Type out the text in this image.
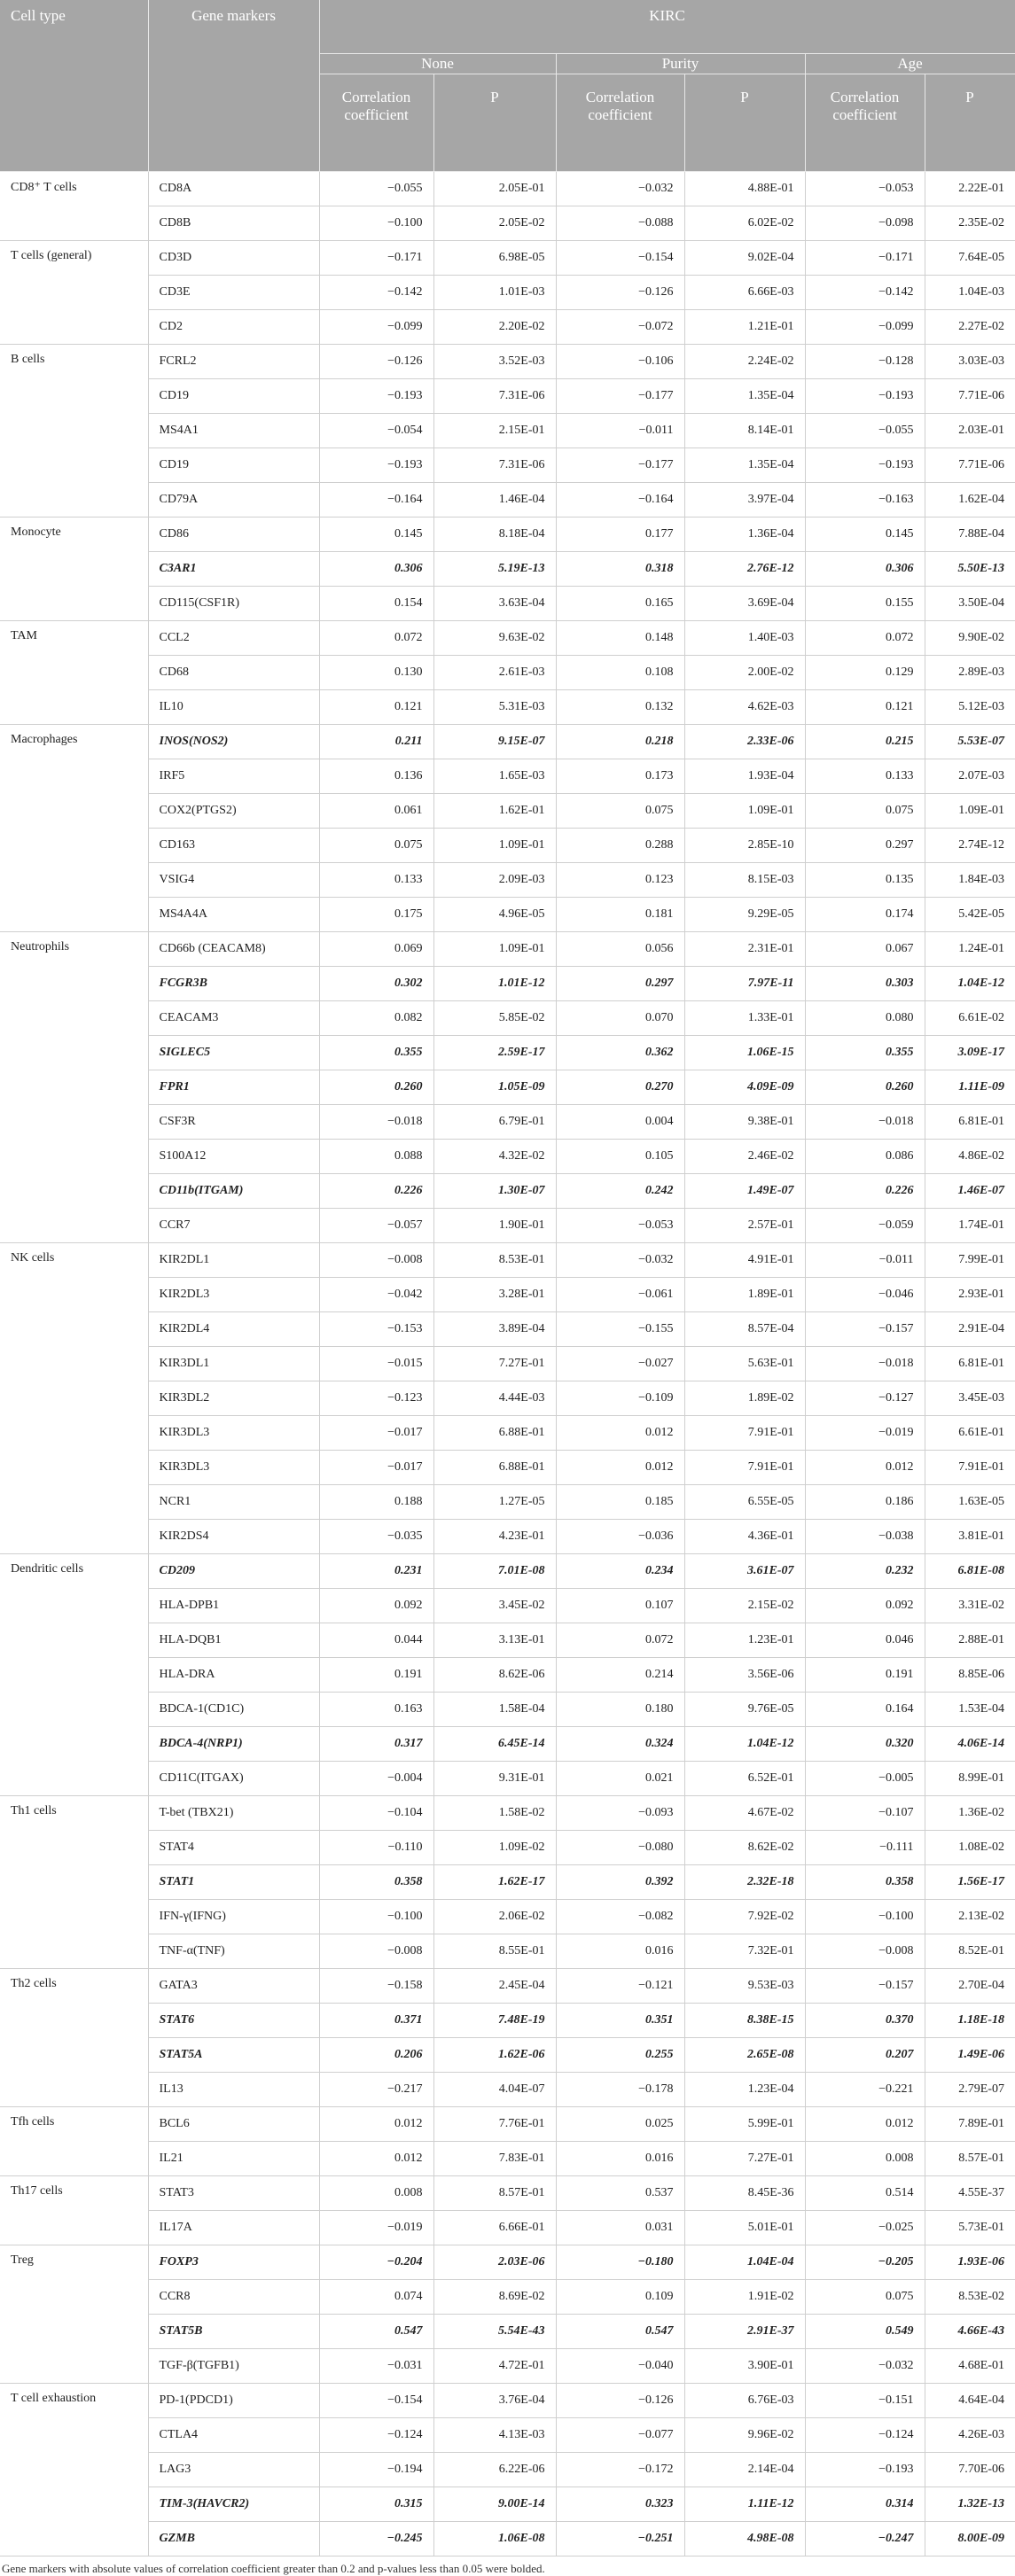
Cell type	Gene markers	KIRC					
		None		Purity		Age	
		Correlation coefficient	P	Correlation coefficient	P	Correlation coefficient	P
CD8⁺ T cells	CD8A	−0.055	2.05E-01	−0.032	4.88E-01	−0.053	2.22E-01
	CD8B	−0.100	2.05E-02	−0.088	6.02E-02	−0.098	2.35E-02
T cells (general)	CD3D	−0.171	6.98E-05	−0.154	9.02E-04	−0.171	7.64E-05
	CD3E	−0.142	1.01E-03	−0.126	6.66E-03	−0.142	1.04E-03
	CD2	−0.099	2.20E-02	−0.072	1.21E-01	−0.099	2.27E-02
B cells	FCRL2	−0.126	3.52E-03	−0.106	2.24E-02	−0.128	3.03E-03
	CD19	−0.193	7.31E-06	−0.177	1.35E-04	−0.193	7.71E-06
	MS4A1	−0.054	2.15E-01	−0.011	8.14E-01	−0.055	2.03E-01
	CD19	−0.193	7.31E-06	−0.177	1.35E-04	−0.193	7.71E-06
	CD79A	−0.164	1.46E-04	−0.164	3.97E-04	−0.163	1.62E-04
Monocyte	CD86	0.145	8.18E-04	0.177	1.36E-04	0.145	7.88E-04
	C3AR1	0.306	5.19E-13	0.318	2.76E-12	0.306	5.50E-13
	CD115(CSF1R)	0.154	3.63E-04	0.165	3.69E-04	0.155	3.50E-04
TAM	CCL2	0.072	9.63E-02	0.148	1.40E-03	0.072	9.90E-02
	CD68	0.130	2.61E-03	0.108	2.00E-02	0.129	2.89E-03
	IL10	0.121	5.31E-03	0.132	4.62E-03	0.121	5.12E-03
Macrophages	INOS(NOS2)	0.211	9.15E-07	0.218	2.33E-06	0.215	5.53E-07
	IRF5	0.136	1.65E-03	0.173	1.93E-04	0.133	2.07E-03
	COX2(PTGS2)	0.061	1.62E-01	0.075	1.09E-01	0.075	1.09E-01
	CD163	0.075	1.09E-01	0.288	2.85E-10	0.297	2.74E-12
	VSIG4	0.133	2.09E-03	0.123	8.15E-03	0.135	1.84E-03
	MS4A4A	0.175	4.96E-05	0.181	9.29E-05	0.174	5.42E-05
Neutrophils	CD66b (CEACAM8)	0.069	1.09E-01	0.056	2.31E-01	0.067	1.24E-01
	FCGR3B	0.302	1.01E-12	0.297	7.97E-11	0.303	1.04E-12
	CEACAM3	0.082	5.85E-02	0.070	1.33E-01	0.080	6.61E-02
	SIGLEC5	0.355	2.59E-17	0.362	1.06E-15	0.355	3.09E-17
	FPR1	0.260	1.05E-09	0.270	4.09E-09	0.260	1.11E-09
	CSF3R	−0.018	6.79E-01	0.004	9.38E-01	−0.018	6.81E-01
	S100A12	0.088	4.32E-02	0.105	2.46E-02	0.086	4.86E-02
	CD11b(ITGAM)	0.226	1.30E-07	0.242	1.49E-07	0.226	1.46E-07
	CCR7	−0.057	1.90E-01	−0.053	2.57E-01	−0.059	1.74E-01
NK cells	KIR2DL1	−0.008	8.53E-01	−0.032	4.91E-01	−0.011	7.99E-01
	KIR2DL3	−0.042	3.28E-01	−0.061	1.89E-01	−0.046	2.93E-01
	KIR2DL4	−0.153	3.89E-04	−0.155	8.57E-04	−0.157	2.91E-04
	KIR3DL1	−0.015	7.27E-01	−0.027	5.63E-01	−0.018	6.81E-01
	KIR3DL2	−0.123	4.44E-03	−0.109	1.89E-02	−0.127	3.45E-03
	KIR3DL3	−0.017	6.88E-01	0.012	7.91E-01	−0.019	6.61E-01
	KIR3DL3	−0.017	6.88E-01	0.012	7.91E-01	0.012	7.91E-01
	NCR1	0.188	1.27E-05	0.185	6.55E-05	0.186	1.63E-05
	KIR2DS4	−0.035	4.23E-01	−0.036	4.36E-01	−0.038	3.81E-01
Dendritic cells	CD209	0.231	7.01E-08	0.234	3.61E-07	0.232	6.81E-08
	HLA-DPB1	0.092	3.45E-02	0.107	2.15E-02	0.092	3.31E-02
	HLA-DQB1	0.044	3.13E-01	0.072	1.23E-01	0.046	2.88E-01
	HLA-DRA	0.191	8.62E-06	0.214	3.56E-06	0.191	8.85E-06
	BDCA-1(CD1C)	0.163	1.58E-04	0.180	9.76E-05	0.164	1.53E-04
	BDCA-4(NRP1)	0.317	6.45E-14	0.324	1.04E-12	0.320	4.06E-14
	CD11C(ITGAX)	−0.004	9.31E-01	0.021	6.52E-01	−0.005	8.99E-01
Th1 cells	T-bet (TBX21)	−0.104	1.58E-02	−0.093	4.67E-02	−0.107	1.36E-02
	STAT4	−0.110	1.09E-02	−0.080	8.62E-02	−0.111	1.08E-02
	STAT1	0.358	1.62E-17	0.392	2.32E-18	0.358	1.56E-17
	IFN-γ(IFNG)	−0.100	2.06E-02	−0.082	7.92E-02	−0.100	2.13E-02
	TNF-α(TNF)	−0.008	8.55E-01	0.016	7.32E-01	−0.008	8.52E-01
Th2 cells	GATA3	−0.158	2.45E-04	−0.121	9.53E-03	−0.157	2.70E-04
	STAT6	0.371	7.48E-19	0.351	8.38E-15	0.370	1.18E-18
	STAT5A	0.206	1.62E-06	0.255	2.65E-08	0.207	1.49E-06
	IL13	−0.217	4.04E-07	−0.178	1.23E-04	−0.221	2.79E-07
Tfh cells	BCL6	0.012	7.76E-01	0.025	5.99E-01	0.012	7.89E-01
	IL21	0.012	7.83E-01	0.016	7.27E-01	0.008	8.57E-01
Th17 cells	STAT3	0.008	8.57E-01	0.537	8.45E-36	0.514	4.55E-37
	IL17A	−0.019	6.66E-01	0.031	5.01E-01	−0.025	5.73E-01
Treg	FOXP3	−0.204	2.03E-06	−0.180	1.04E-04	−0.205	1.93E-06
	CCR8	0.074	8.69E-02	0.109	1.91E-02	0.075	8.53E-02
	STAT5B	0.547	5.54E-43	0.547	2.91E-37	0.549	4.66E-43
	TGF-β(TGFB1)	−0.031	4.72E-01	−0.040	3.90E-01	−0.032	4.68E-01
T cell exhaustion	PD-1(PDCD1)	−0.154	3.76E-04	−0.126	6.76E-03	−0.151	4.64E-04
	CTLA4	−0.124	4.13E-03	−0.077	9.96E-02	−0.124	4.26E-03
	LAG3	−0.194	6.22E-06	−0.172	2.14E-04	−0.193	7.70E-06
	TIM-3(HAVCR2)	0.315	9.00E-14	0.323	1.11E-12	0.314	1.32E-13
	GZMB	−0.245	1.06E-08	−0.251	4.98E-08	−0.247	8.00E-09
Gene markers with absolute values of correlation coefficient greater than 0.2 and p-values less than 0.05 were bolded.
